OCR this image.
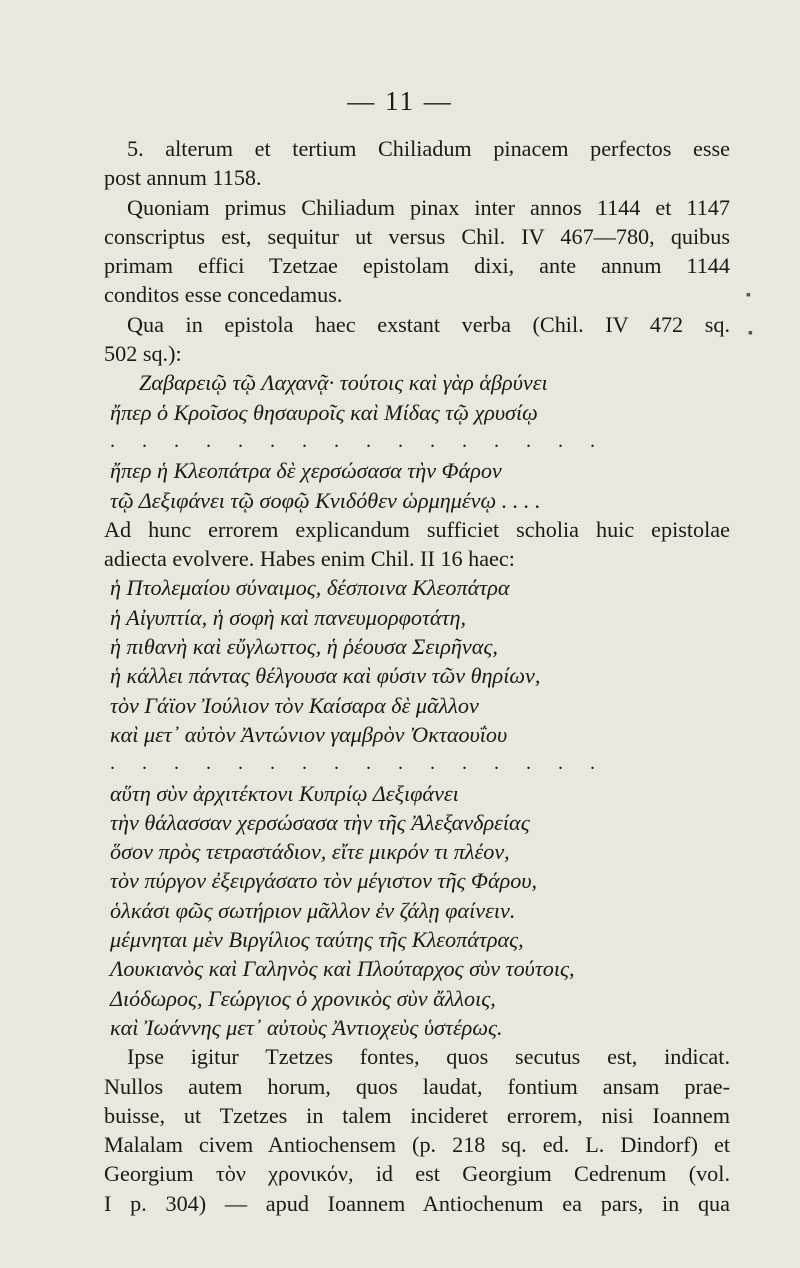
— 11 —
5. alterum et tertium Chiliadum pinacem perfectos esse
post annum 1158.
Quoniam primus Chiliadum pinax inter annos 1144 et 1147
conscriptus est, sequitur ut versus Chil. IV 467—780, quibus
primam effici Tzetzae epistolam dixi, ante annum 1144
conditos esse concedamus.
Qua in epistola haec exstant verba (Chil. IV 472 sq.
502 sq.):
Ζαβαρειῷ τῷ Λαχανᾷ· τούτοις καὶ γὰρ ἁβρύνει
ἤπερ ὁ Κροῖσος θησαυροῖς καὶ Μίδας τῷ χρυσίῳ
. . . . . . . . . . . . . . . .
ἤπερ ἡ Κλεοπάτρα δὲ χερσώσασα τὴν Φάρον
τῷ Δεξιφάνει τῷ σοφῷ Κνιδόθεν ὡρμημένῳ . . . .
Ad hunc errorem explicandum sufficiet scholia huic epistolae
adiecta evolvere. Habes enim Chil. II 16 haec:
ἡ Πτολεμαίου σύναιμος, δέσποινα Κλεοπάτρα
ἡ Αἰγυπτία, ἡ σοφὴ καὶ πανευμορφοτάτη,
ἡ πιθανὴ καὶ εὔγλωττος, ἡ ῥέουσα Σειρῆνας,
ἡ κάλλει πάντας θέλγουσα καὶ φύσιν τῶν θηρίων,
τὸν Γάϊον Ἰούλιον τὸν Καίσαρα δὲ μᾶλλον
καὶ μετ᾽ αὐτὸν Ἀντώνιον γαμβρὸν Ὀκταουΐου
. . . . . . . . . . . . . . . .
αὕτη σὺν ἀρχιτέκτονι Κυπρίῳ Δεξιφάνει
τὴν θάλασσαν χερσώσασα τὴν τῆς Ἀλεξανδρείας
ὅσον πρὸς τετραστάδιον, εἴτε μικρόν τι πλέον,
τὸν πύργον ἐξειργάσατο τὸν μέγιστον τῆς Φάρου,
ὁλκάσι φῶς σωτήριον μᾶλλον ἐν ζάλῃ φαίνειν.
μέμνηται μὲν Βιργίλιος ταύτης τῆς Κλεοπάτρας,
Λουκιανὸς καὶ Γαληνὸς καὶ Πλούταρχος σὺν τούτοις,
Διόδωρος, Γεώργιος ὁ χρονικὸς σὺν ἄλλοις,
καὶ Ἰωάννης μετ᾽ αὐτοὺς Ἀντιοχεὺς ὑστέρως.
Ipse igitur Tzetzes fontes, quos secutus est, indicat.
Nullos autem horum, quos laudat, fontium ansam prae-
buisse, ut Tzetzes in talem incideret errorem, nisi Ioannem
Malalam civem Antiochensem (p. 218 sq. ed. L. Dindorf) et
Georgium τὸν χρονικόν, id est Georgium Cedrenum (vol.
I p. 304) — apud Ioannem Antiochenum ea pars, in qua
▪
▪
